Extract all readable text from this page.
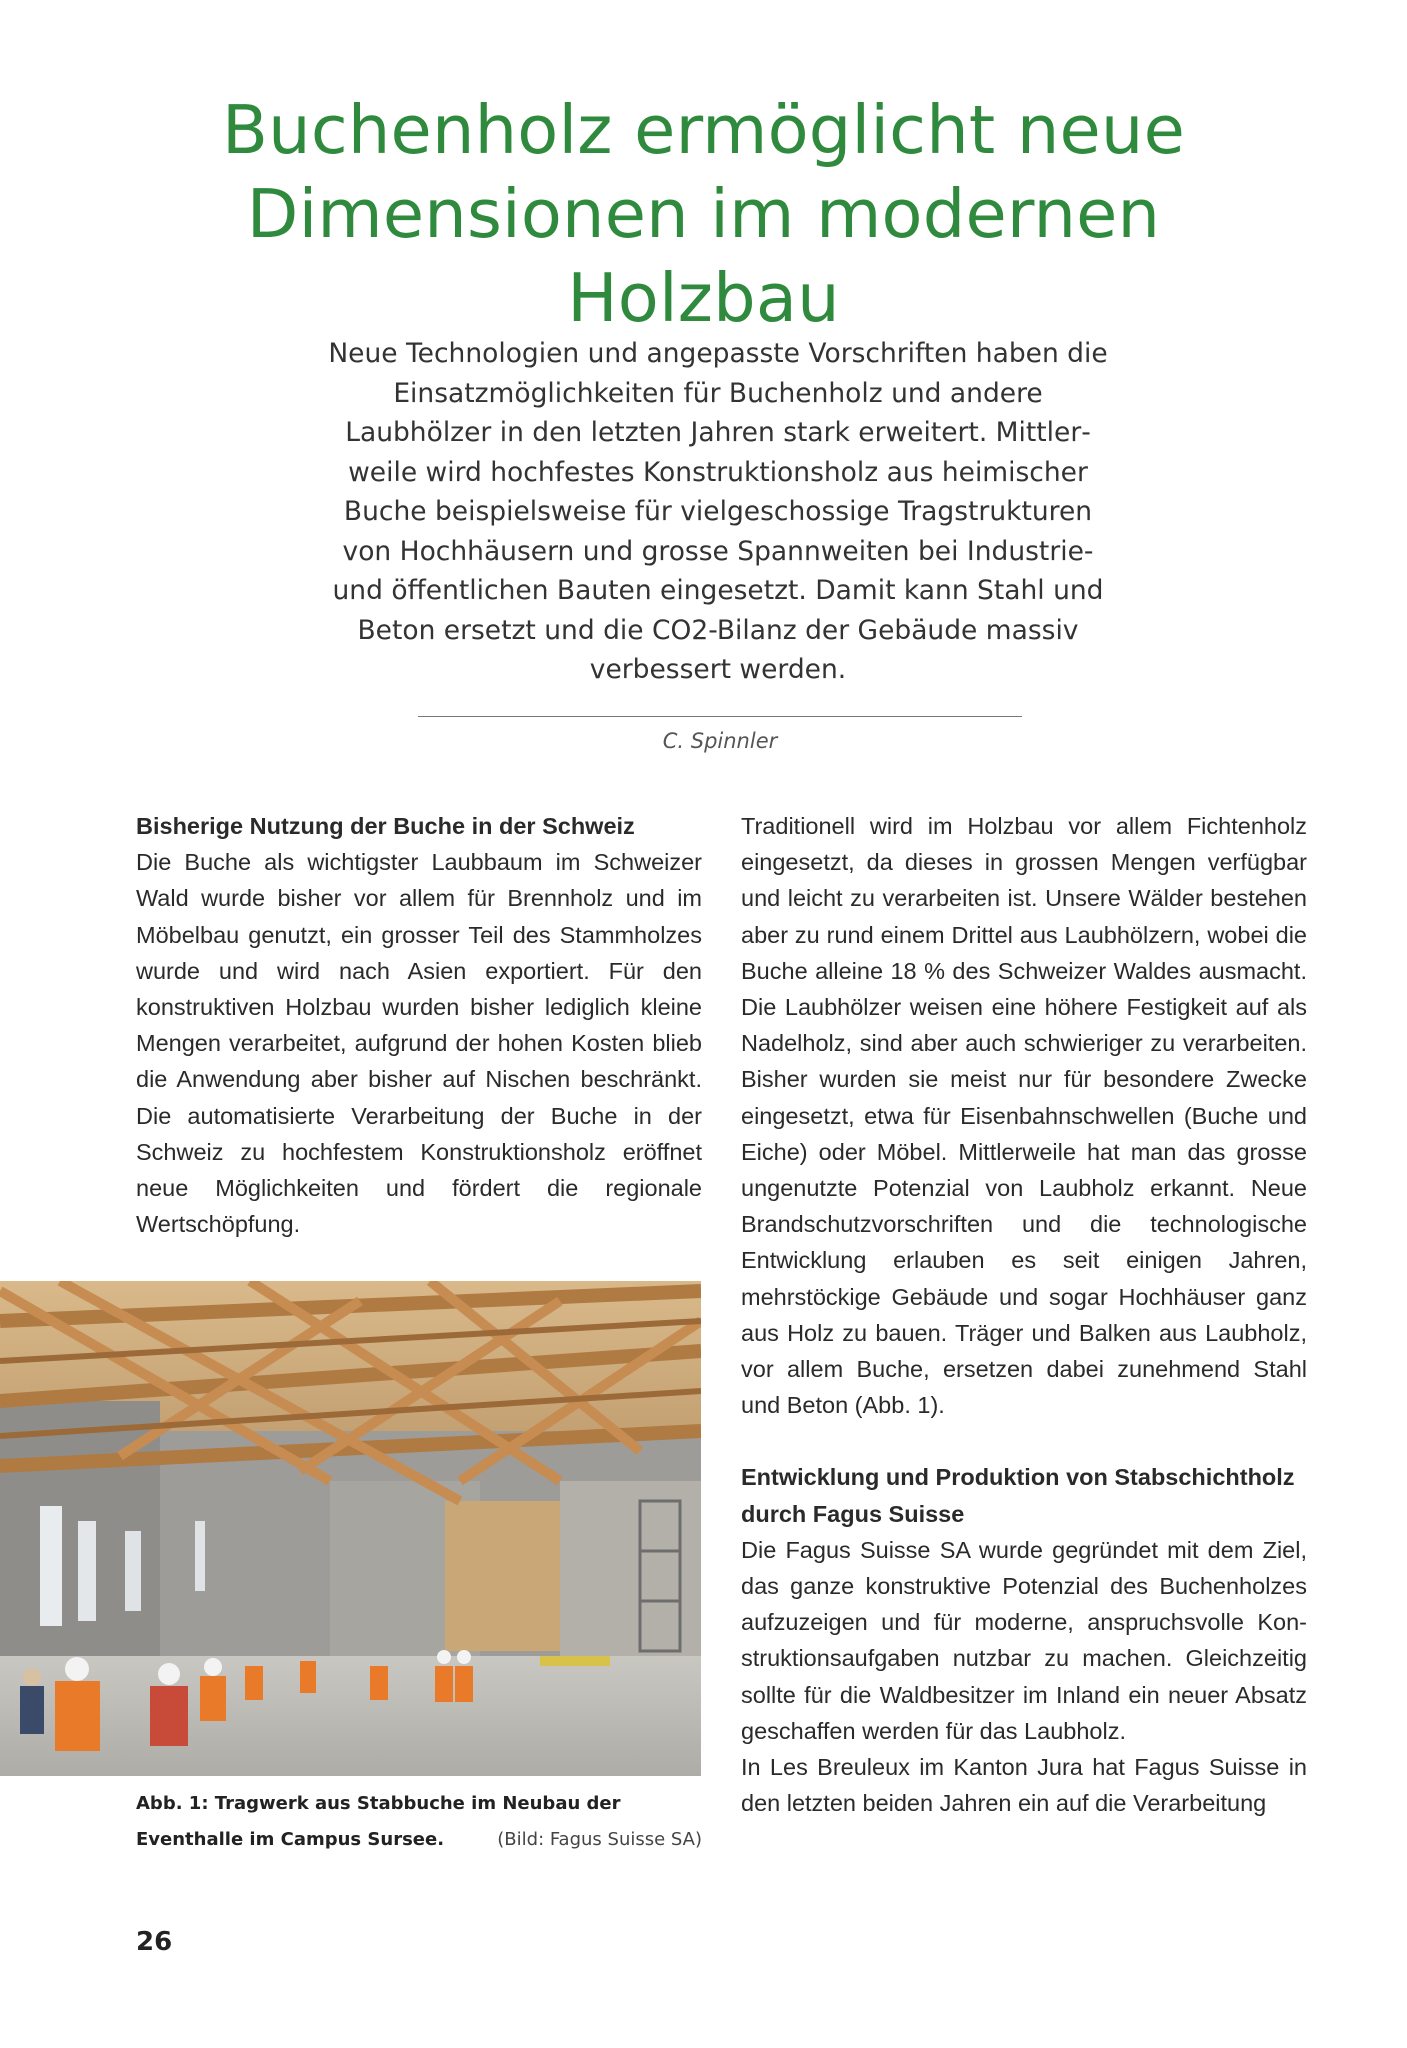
Buchenholz ermöglicht neue
Dimensionen im modernen Holzbau

Neue Technologien und angepasste Vorschriften haben die Einsatzmöglichkeiten für Buchenholz und andere Laubhölzer in den letzten Jahren stark erweitert. Mittlerweile wird hochfestes Konstruktionsholz aus heimischer Buche beispielsweise für vielgeschossige Tragstrukturen von Hochhäusern und grosse Spannweiten bei Industrie- und öffentlichen Bauten eingesetzt. Damit kann Stahl und Beton ersetzt und die CO2-Bilanz der Gebäude massiv verbessert werden.

C. Spinnler
Bisherige Nutzung der Buche in der Schweiz

Die Buche als wichtigster Laubbaum im Schweizer Wald wurde bisher vor allem für Brennholz und im Möbelbau genutzt, ein grosser Teil des Stammholzes wurde und wird nach Asien exportiert. Für den konstruktiven Holzbau wurden bisher lediglich kleine Mengen verarbeitet, aufgrund der hohen Kosten blieb die Anwendung aber bisher auf Nischen beschränkt. Die automatisierte Verarbeitung der Buche in der Schweiz zu hochfestem Konstruktionsholz eröffnet neue Möglichkeiten und fördert die regionale Wertschöpfung.

Abb. 1: Tragwerk aus Stabbuche im Neubau der Eventhalle im Campus Sursee.	(Bild: Fagus Suisse SA)

Traditionell wird im Holzbau vor allem Fichtenholz eingesetzt, da dieses in grossen Mengen verfügbar und leicht zu verarbeiten ist. Unsere Wälder bestehen aber zu rund einem Drittel aus Laubhölzern, wobei die Buche alleine 18 % des Schweizer Waldes ausmacht. Die Laubhölzer weisen eine höhere Festigkeit auf als Nadelholz, sind aber auch schwieriger zu verarbeiten. Bisher wurden sie meist nur für besondere Zwecke eingesetzt, etwa für Eisenbahnschwellen (Buche und Eiche) oder Möbel. Mittlerweile hat man das grosse ungenutzte Potenzial von Laubholz erkannt. Neue Brandschutzvorschriften und die technologische Entwicklung erlauben es seit einigen Jahren, mehrstöckige Gebäude und sogar Hochhäuser ganz aus Holz zu bauen. Träger und Balken aus Laubholz, vor allem Buche, ersetzen dabei zunehmend Stahl und Beton (Abb. 1).

Entwicklung und Produktion von Stabschichtholz durch Fagus Suisse

Die Fagus Suisse SA wurde gegründet mit dem Ziel, das ganze konstruktive Potenzial des Buchenholzes aufzuzeigen und für moderne, anspruchsvolle Konstruktionsaufgaben nutzbar zu machen. Gleichzeitig sollte für die Waldbesitzer im Inland ein neuer Absatz geschaffen werden für das Laubholz.

In Les Breuleux im Kanton Jura hat Fagus Suisse in den letzten beiden Jahren ein auf die Verarbeitung

26
